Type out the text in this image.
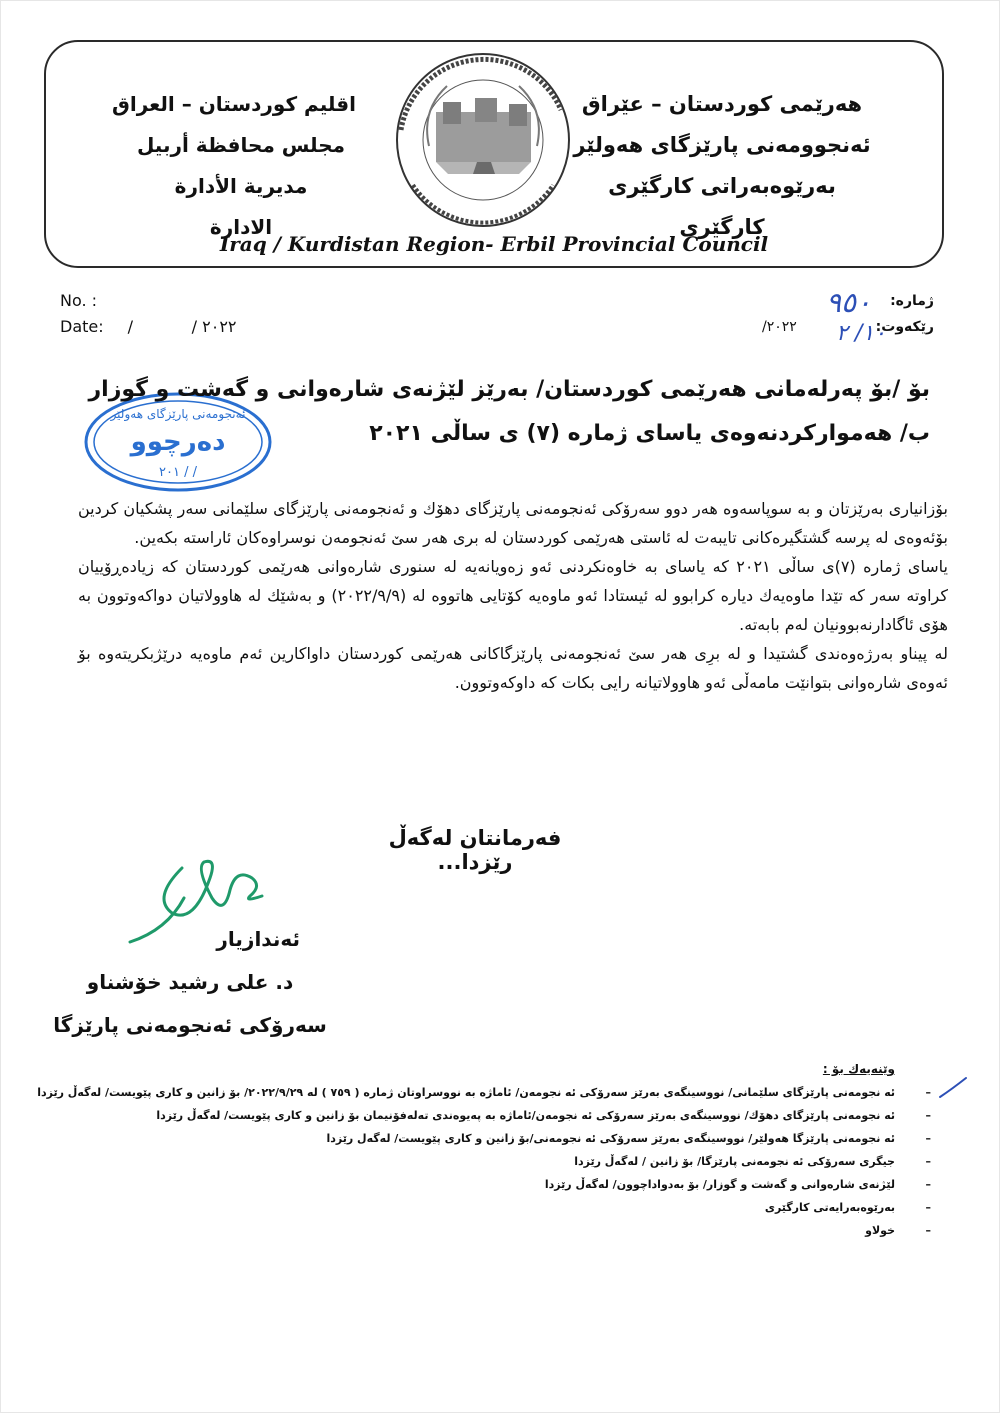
هەرێمی کوردستان – عێراق
ئەنجوومەنی پارێزگای هەولێر
بەرێوەبەراتی کارگێری
کارگێری
اقليم كوردستان – العراق
مجلس محافظة أربيل
مديرية الأدارة
الادارة
Iraq / Kurdistan Region- Erbil Provincial Council
No. :
Date: /	/ ٢٠٢٢
ژمارە:
رێكەوت:  ٢٠٢٢/
٩٥٠
١٠/ ٢
ئەنجومەنی پارێزگای هەولێر
دەرچوو
٢٠١ / /
بۆ /بۆ پەرلەمانی هەرێمی کوردستان/ بەرێز لێژنەی شارەوانی و گەشت و گوزار
ب/ هەمواركردنەوەی یاسای ژمارە (٧) ی ساڵی ٢٠٢١

بۆزانیاری بەرێزتان و بە سوپاسەوە هەر دوو سەرۆكی ئەنجومەنی پارێزگای دهۆك و ئەنجومەنی پارێزگای سلێمانی سەر پشكیان كردین بۆئەوەی لە پرسە گشتگیرەكانی تایبەت لە ئاستی هەرێمی كوردستان لە بری هەر سێ ئەنجومەن نوسراوەكان ئاراستە بكەین.

یاسای ژمارە (٧)ی ساڵی ٢٠٢١ كە یاسای بە خاوەنكردنی ئەو زەویانەیە لە سنوری شارەوانی هەرێمی كوردستان كە زیادەڕۆییان كراوتە سەر كە تێدا ماوەیەك دیارە كرابوو لە ئیستادا ئەو ماوەیە كۆتایی هاتووە لە (٢٠٢٢/٩/٩) و بەشێك لە هاوولاتیان دواكەوتوون بە هۆی ئاگادارنەبوونیان لەم بابەتە.

لە پیناو بەرژەوەندی گشتیدا و لە برِی هەر سێ ئەنجومەنی پارێزگاكانی هەرێمی كوردستان داواكارین ئەم ماوەیە درێژبكریتەوە بۆ ئەوەی شارەوانی بتوانێت مامەڵی ئەو هاوولاتیانە رایی بكات كە داوكەوتوون.

فەرمانتان لەگەڵ رێزدا...
ئەندازیار
د. علی رشید خۆشناو
سەرۆكی ئەنجومەنی پارێزگا
وێنەیەك بۆ :
– ئە نجومەنی پارێزگای سلێمانی/ نووسینگەی بەرێز سەرۆكی ئە نجومەن/ ئاماژە بە نووسراوتان ژمارە ( ٧٥٩ ) لە ٢٠٢٢/٩/٢٩/ بۆ زانین و كاری پێویست/ لەگەڵ رێزدا
– ئە نجومەنی پارێزگای دهۆك/ نووسینگەی بەرێز سەرۆكی ئە نجومەن/ئاماژە بە پەیوەندی تەلەفۆنیمان بۆ زانین و كاری پێویست/ لەگەڵ رێزدا
– ئە نجومەنی پارێزگا هەولێر/ نووسینگەی بەرێز سەرۆكی ئە نجومەنی/بۆ زانین و كاری پێویست/ لەگەل رێزدا
– جیگری سەرۆكی ئە نجومەنی پارێزگا/ بۆ زانین / لەگەڵ رێزدا
– لێژنەی شارەوانی و گەشت و گوزار/ بۆ بەدواداچوون/ لەگەڵ رێزدا
– بەرێوەبەرایەتی كارگێری
– خولاو
